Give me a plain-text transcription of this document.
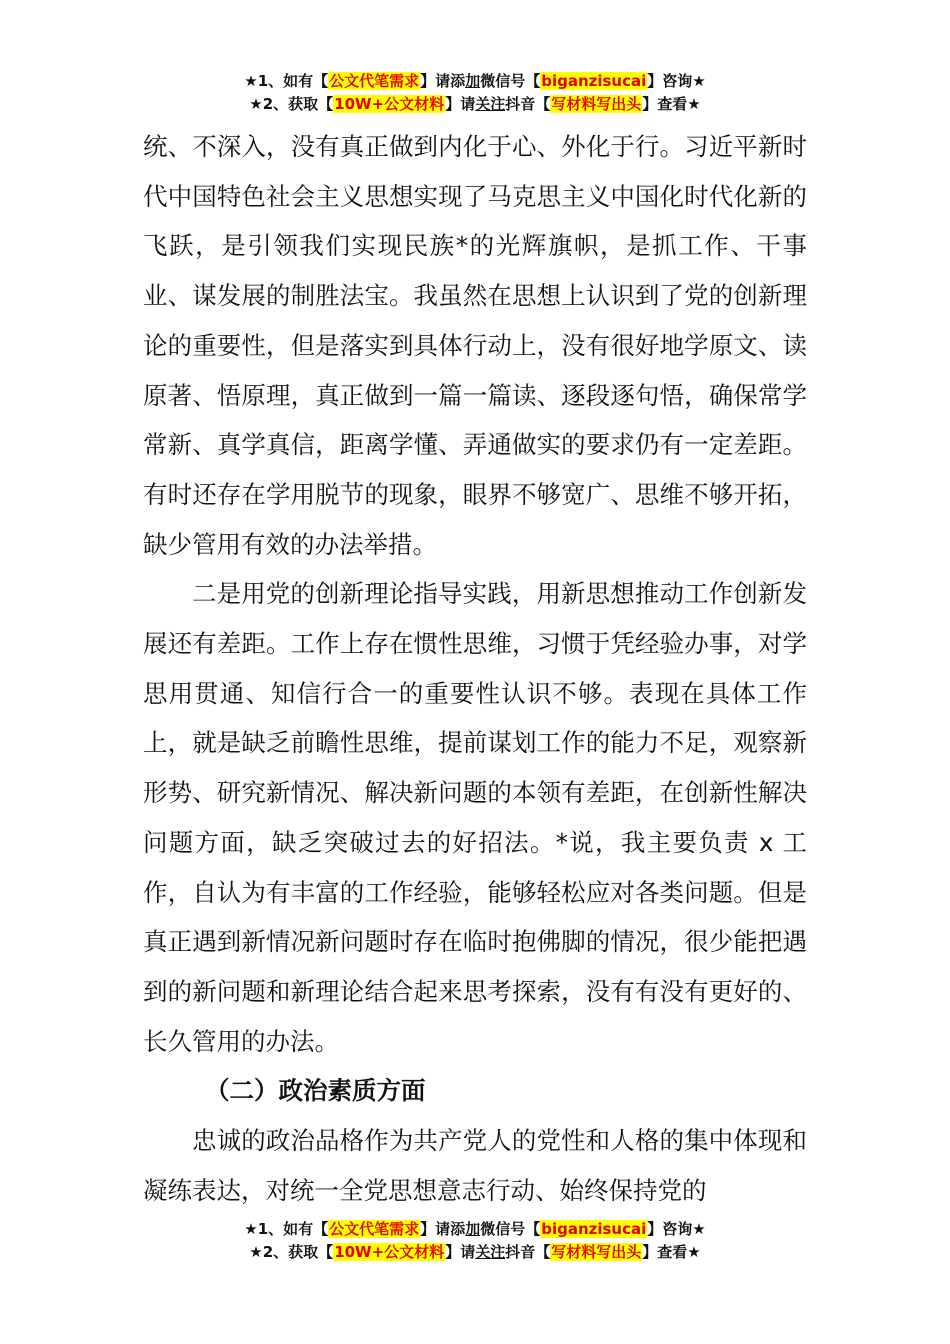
★1、如有【公文代笔需求】请添加微信号【biganzisucai】咨询★
★2、获取【10W+公文材料】请关注抖音【写材料写出头】查看★

统、不深入，没有真正做到内化于心、外化于行。习近平新时代中国特色社会主义思想实现了马克思主义中国化时代化新的飞跃，是引领我们实现民族*的光辉旗帜，是抓工作、干事业、谋发展的制胜法宝。我虽然在思想上认识到了党的创新理论的重要性，但是落实到具体行动上，没有很好地学原文、读原著、悟原理，真正做到一篇一篇读、逐段逐句悟，确保常学常新、真学真信，距离学懂、弄通做实的要求仍有一定差距。有时还存在学用脱节的现象，眼界不够宽广、思维不够开拓，缺少管用有效的办法举措。

二是用党的创新理论指导实践，用新思想推动工作创新发展还有差距。工作上存在惯性思维，习惯于凭经验办事，对学思用贯通、知信行合一的重要性认识不够。表现在具体工作上，就是缺乏前瞻性思维，提前谋划工作的能力不足，观察新形势、研究新情况、解决新问题的本领有差距，在创新性解决问题方面，缺乏突破过去的好招法。*说，我主要负责 x 工作，自认为有丰富的工作经验，能够轻松应对各类问题。但是真正遇到新情况新问题时存在临时抱佛脚的情况，很少能把遇到的新问题和新理论结合起来思考探索，没有有没有更好的、长久管用的办法。

（二）政治素质方面

忠诚的政治品格作为共产党人的党性和人格的集中体现和凝练表达，对统一全党思想意志行动、始终保持党的

★1、如有【公文代笔需求】请添加微信号【biganzisucai】咨询★
★2、获取【10W+公文材料】请关注抖音【写材料写出头】查看★
